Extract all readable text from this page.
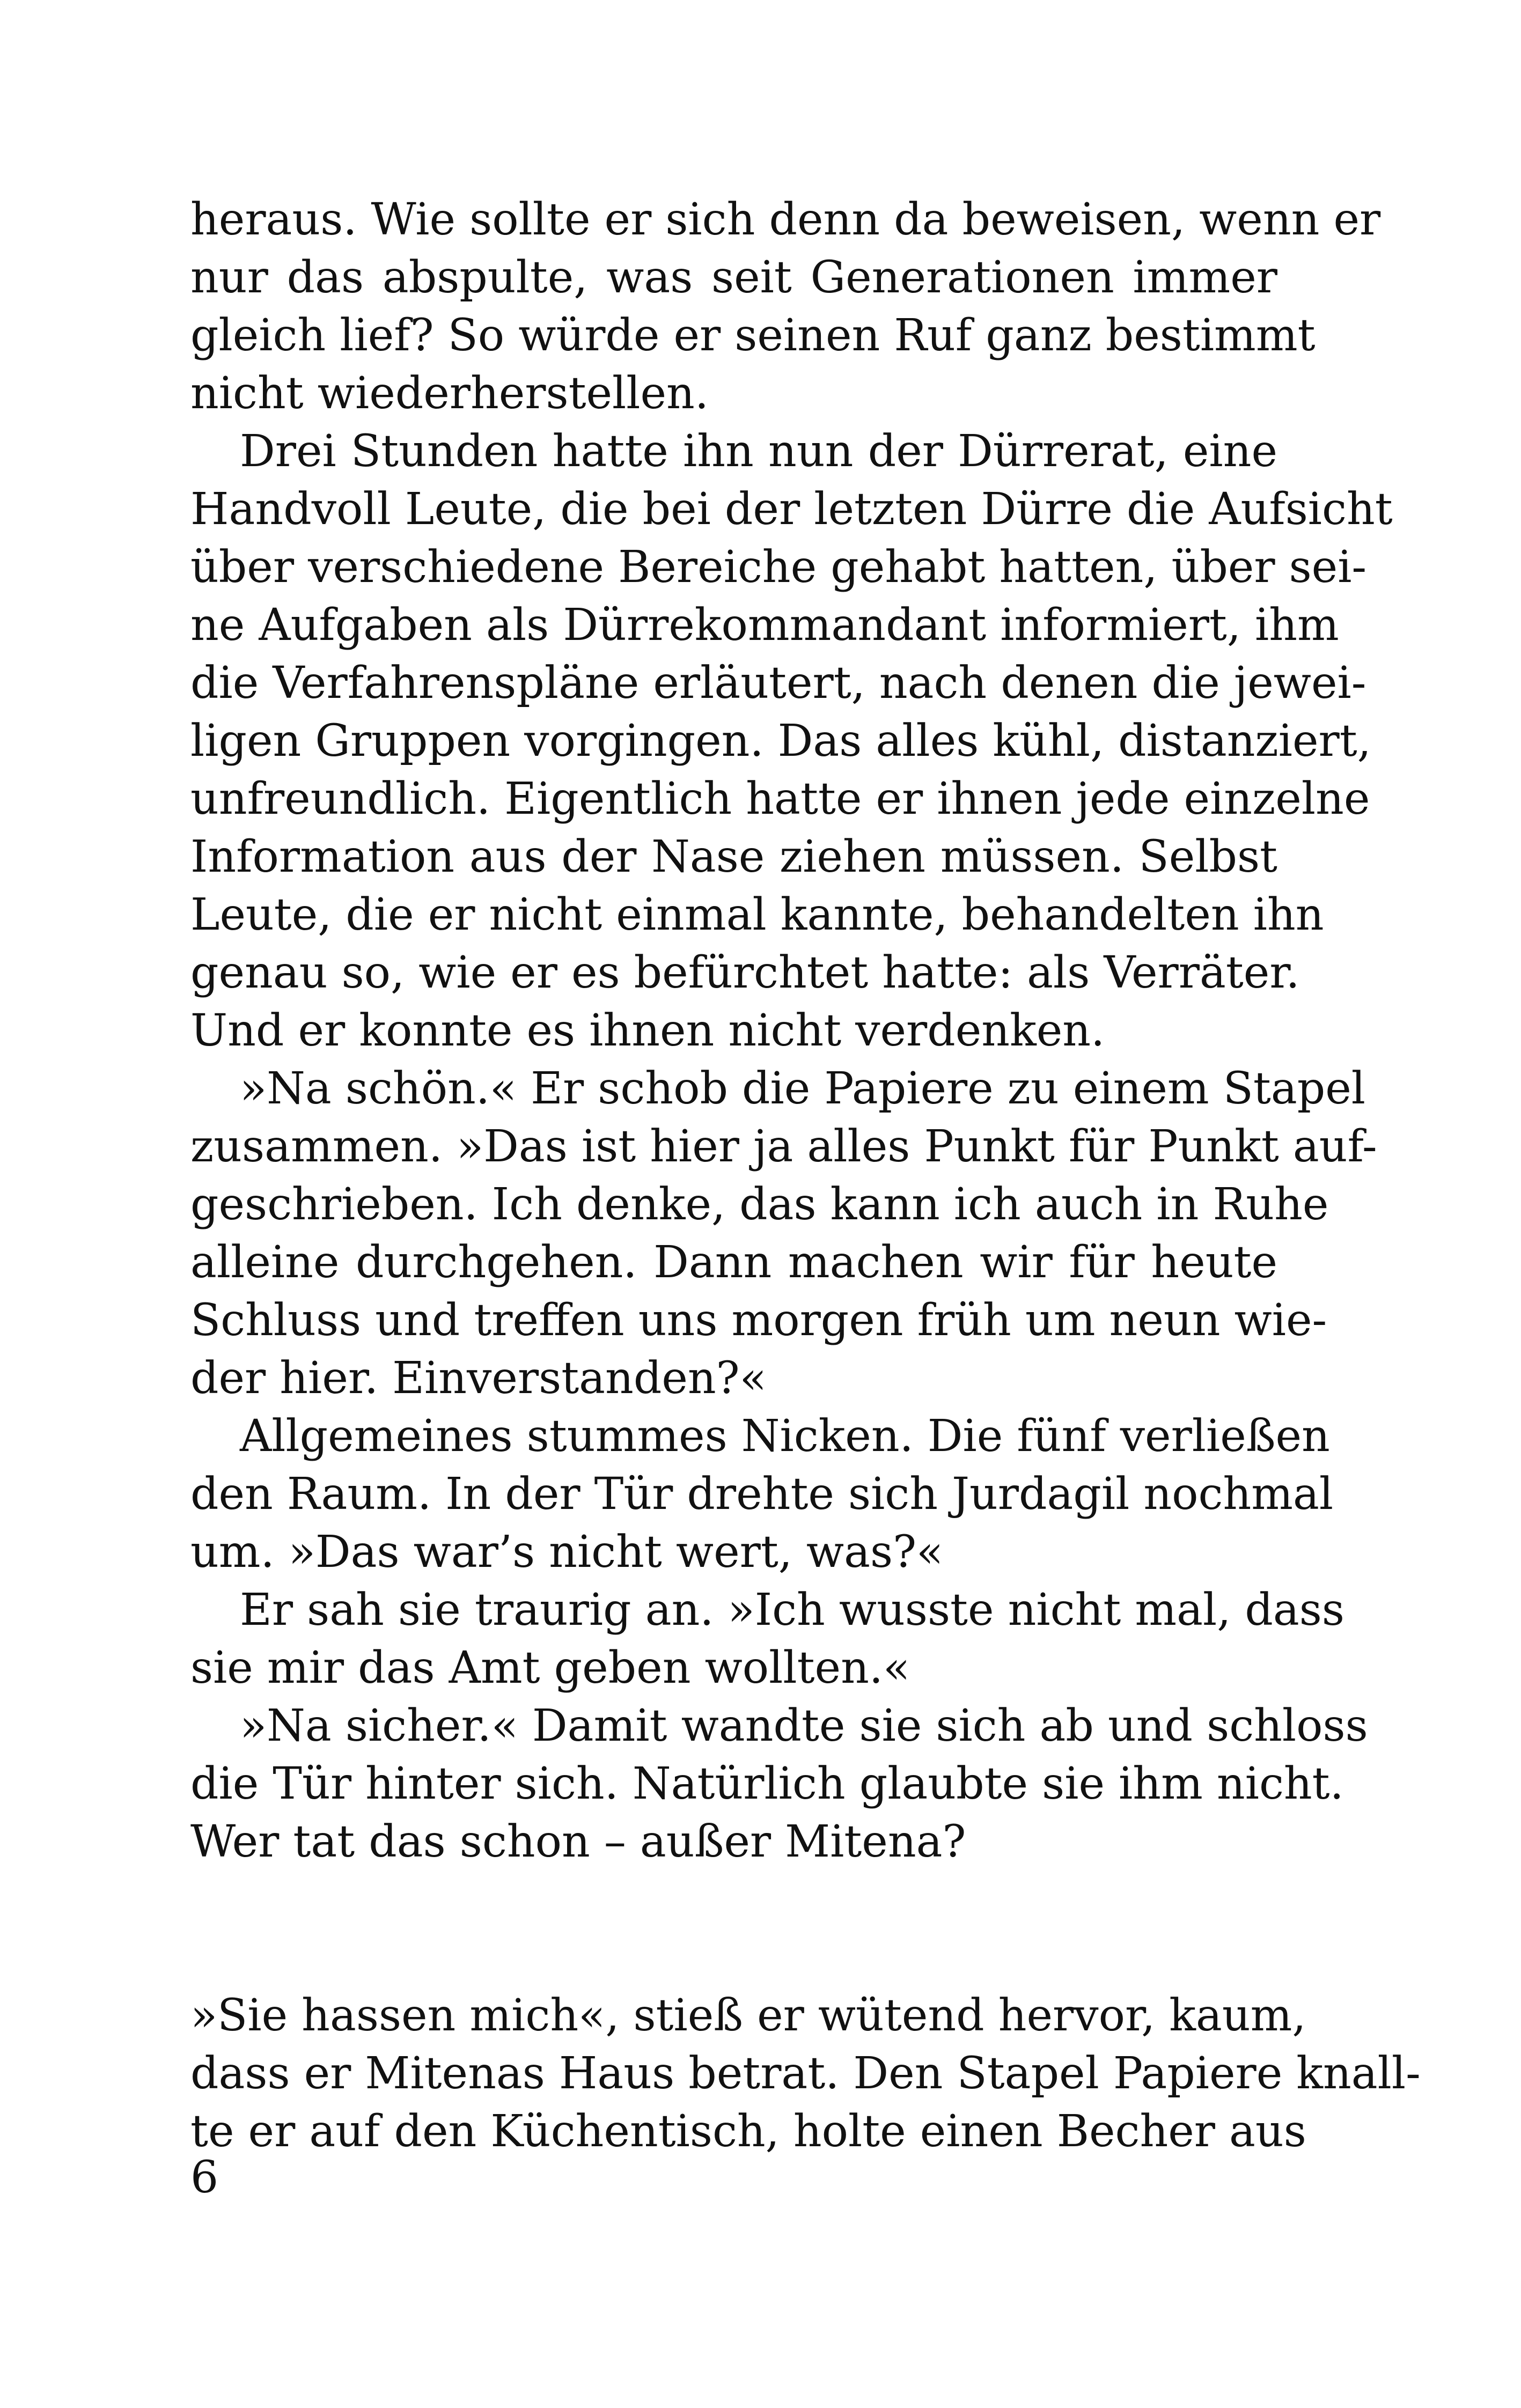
heraus. Wie sollte er sich denn da beweisen, wenn er
nur das abspulte, was seit Generationen immer
gleich lief? So würde er seinen Ruf ganz bestimmt
nicht wiederherstellen.
Drei Stunden hatte ihn nun der Dürrerat, eine
Handvoll Leute, die bei der letzten Dürre die Aufsicht
über verschiedene Bereiche gehabt hatten, über sei-
ne Aufgaben als Dürrekommandant informiert, ihm
die Verfahrenspläne erläutert, nach denen die jewei-
ligen Gruppen vorgingen. Das alles kühl, distanziert,
unfreundlich. Eigentlich hatte er ihnen jede einzelne
Information aus der Nase ziehen müssen. Selbst
Leute, die er nicht einmal kannte, behandelten ihn
genau so, wie er es befürchtet hatte: als Verräter.
Und er konnte es ihnen nicht verdenken.
»Na schön.« Er schob die Papiere zu einem Stapel
zusammen. »Das ist hier ja alles Punkt für Punkt auf-
geschrieben. Ich denke, das kann ich auch in Ruhe
alleine durchgehen. Dann machen wir für heute
Schluss und treffen uns morgen früh um neun wie-
der hier. Einverstanden?«
Allgemeines stummes Nicken. Die fünf verließen
den Raum. In der Tür drehte sich Jurdagil nochmal
um. »Das war’s nicht wert, was?«
Er sah sie traurig an. »Ich wusste nicht mal, dass
sie mir das Amt geben wollten.«
»Na sicher.« Damit wandte sie sich ab und schloss
die Tür hinter sich. Natürlich glaubte sie ihm nicht.
Wer tat das schon – außer Mitena?
»Sie hassen mich«, stieß er wütend hervor, kaum,
dass er Mitenas Haus betrat. Den Stapel Papiere knall-
te er auf den Küchentisch, holte einen Becher aus
6
